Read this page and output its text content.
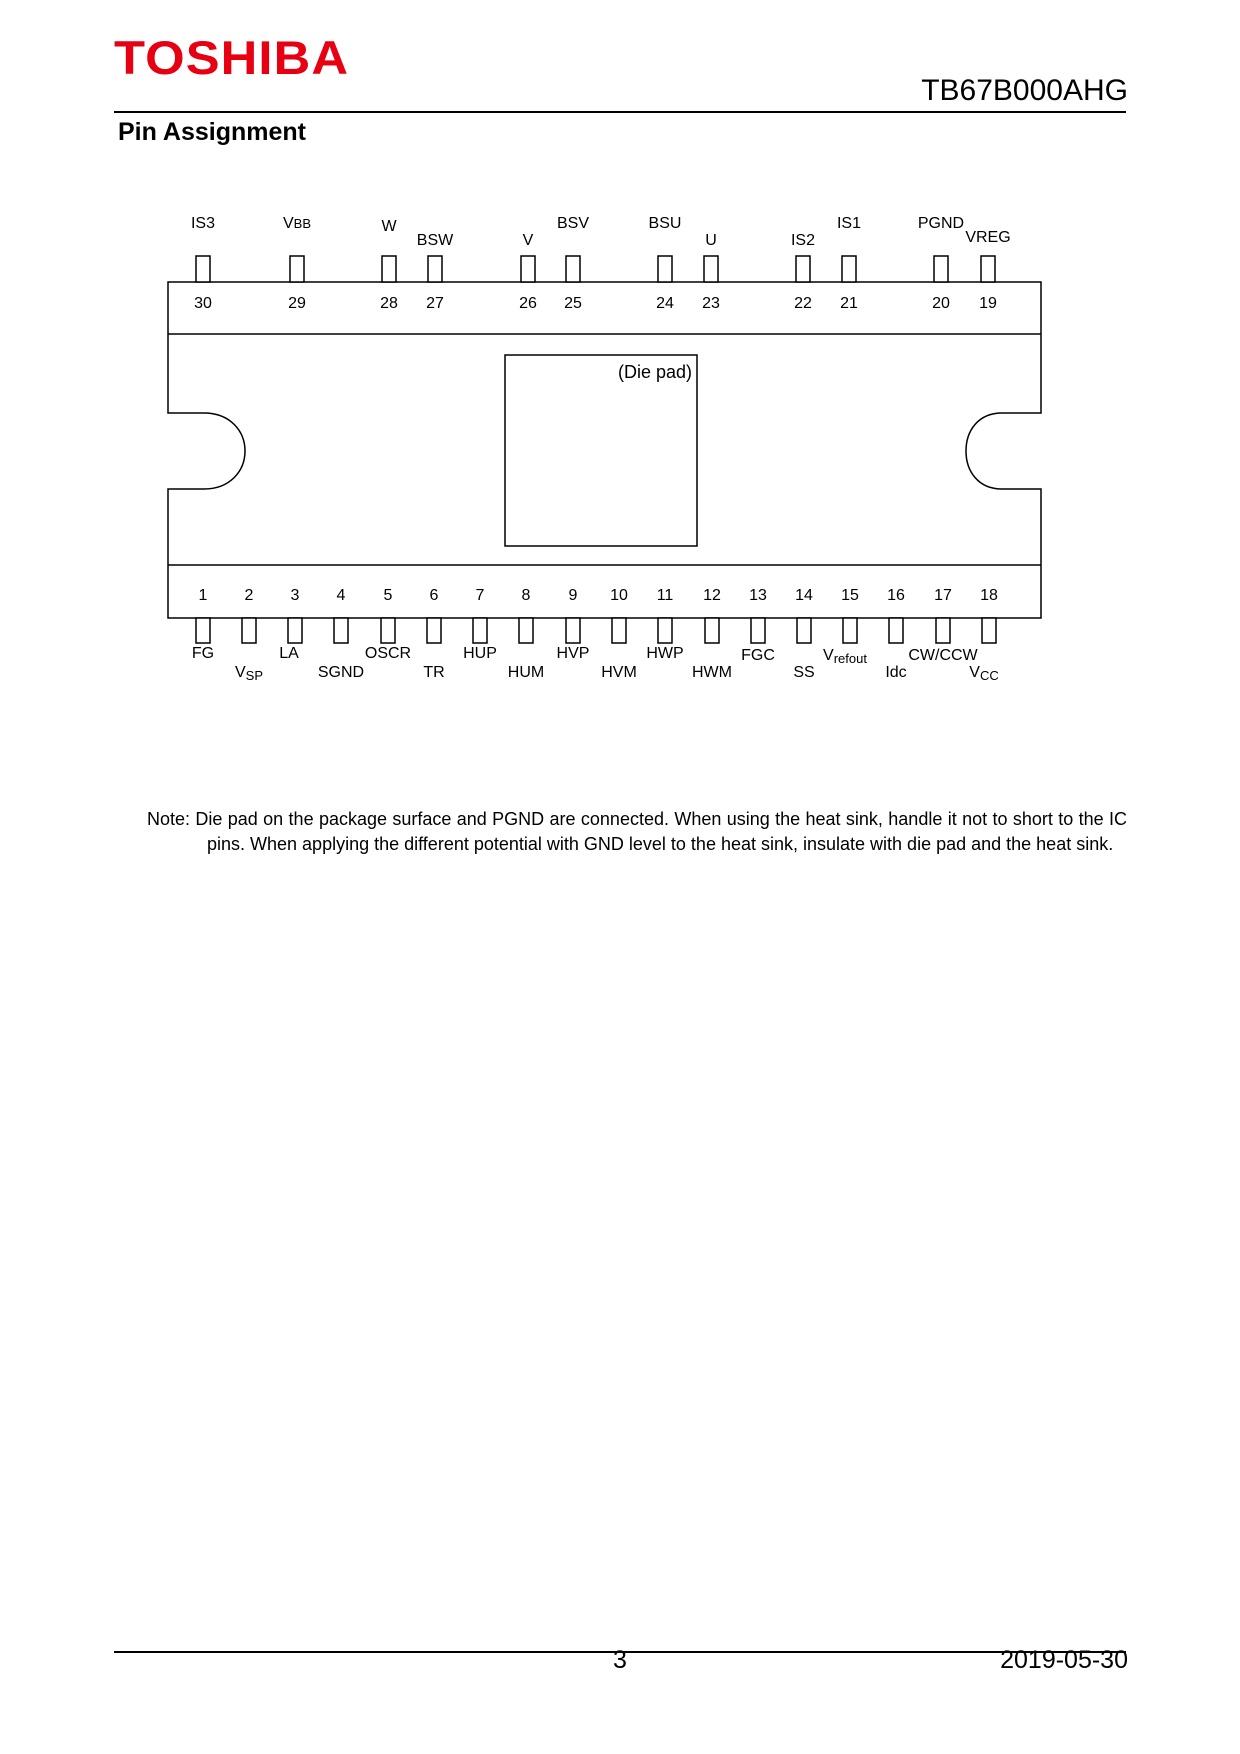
TOSHIBA
TB67B000AHG
Pin Assignment
(Die pad)
30
IS3
29
VBB
28
W
27
BSW
26
V
25
BSV
24
BSU
23
U
22
IS2
21
IS1
20
PGND
19
VREG
1
FG
2
VSP
3
LA
4
SGND
5
OSCR
6
TR
7
HUP
8
HUM
9
HVP
10
HVM
11
HWP
12
HWM
13
FGC
14
SS
15
Vrefout
16
Idc
17
CW/CCW
18
VCC
Note: Die pad on the package surface and PGND are connected. When using the heat sink, handle it not to short to the IC pins. When applying the different potential with GND level to the heat sink, insulate with die pad and the heat sink.
3	2019-05-30
